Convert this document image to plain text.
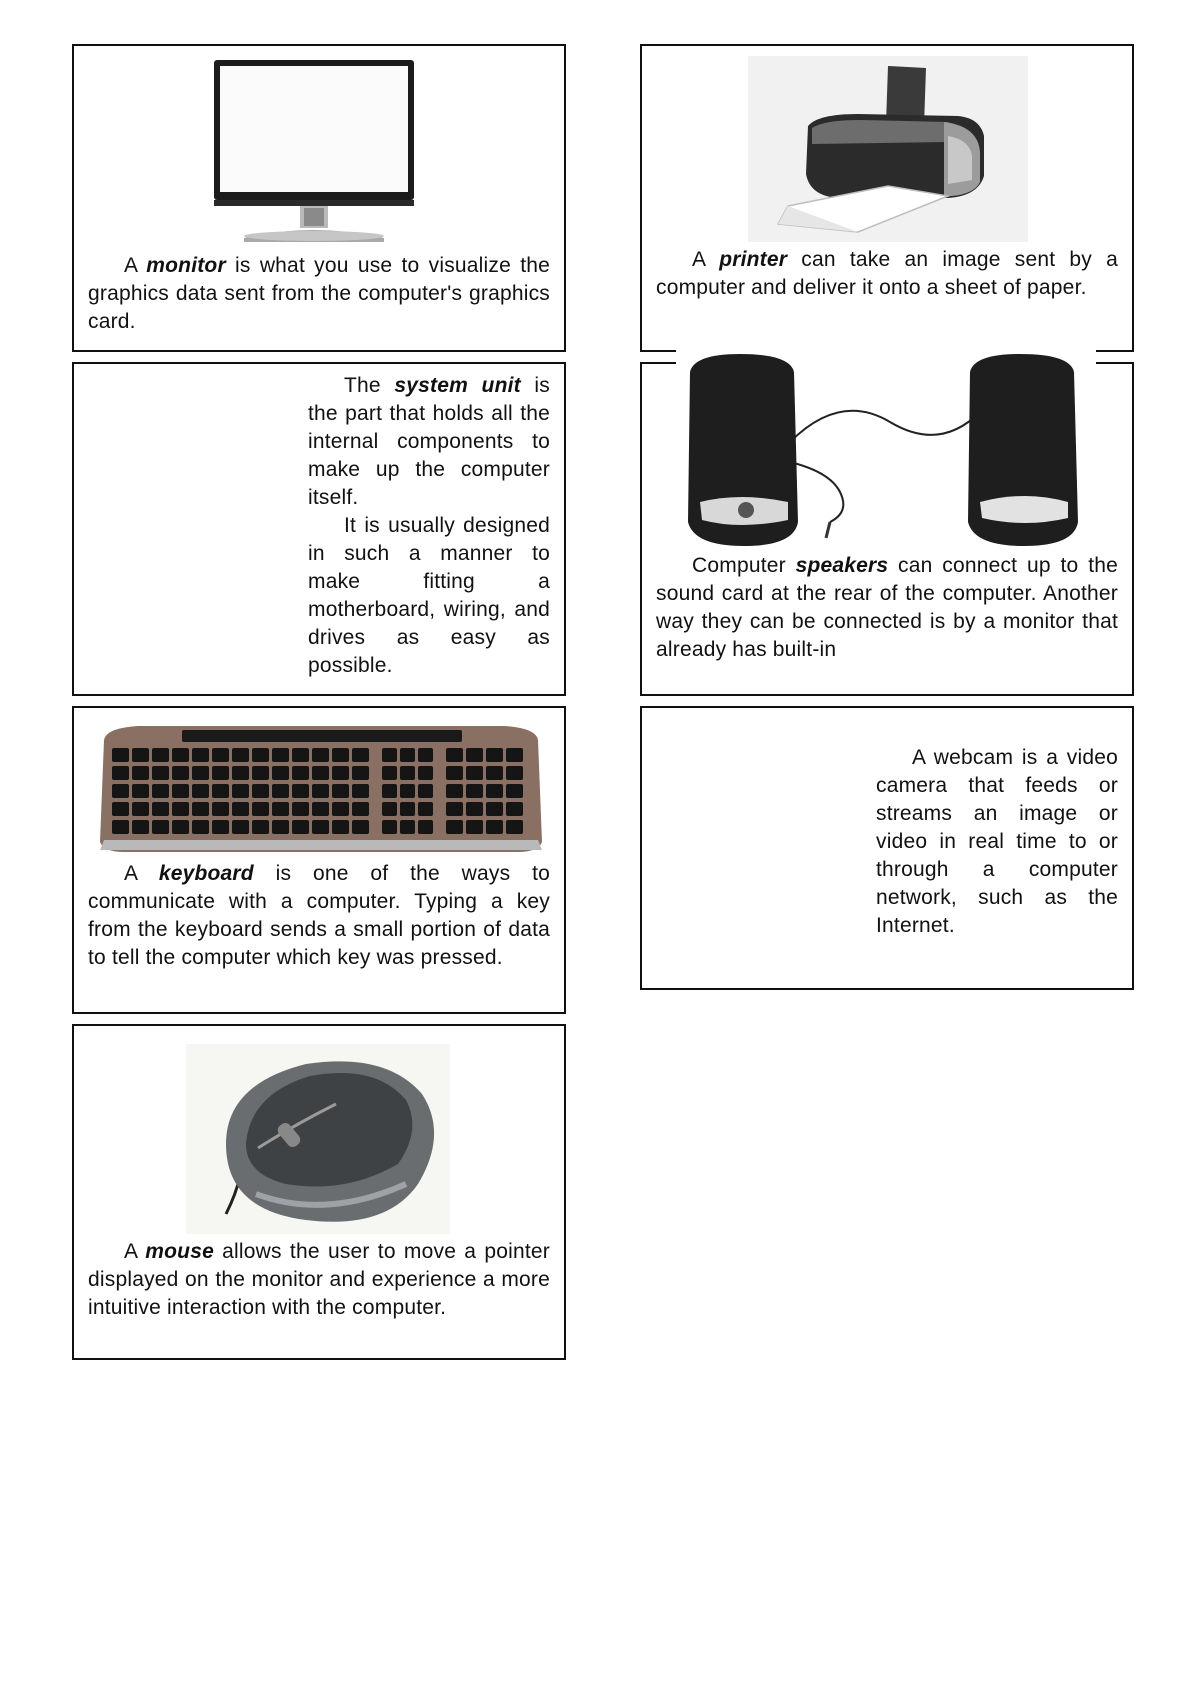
A monitor is what you use to visualize the graphics data sent from the computer's graphics card.

A printer can take an image sent by a computer and deliver it onto a sheet of paper.

The system unit is the part that holds all the internal components to make up the computer itself.

It is usually designed in such a manner to make fitting a motherboard, wiring, and drives as easy as possible.

Computer speakers can connect up to the sound card at the rear of the computer. Another way they can be connected is by a monitor that already has built-in

A keyboard is one of the ways to communicate with a computer. Typing a key from the keyboard sends a small portion of data to tell the computer which key was pressed.

A webcam is a video camera that feeds or streams an image or video in real time to or through a computer network, such as the Internet.

A mouse allows the user to move a pointer displayed on the monitor and experience a more intuitive interaction with the computer.
